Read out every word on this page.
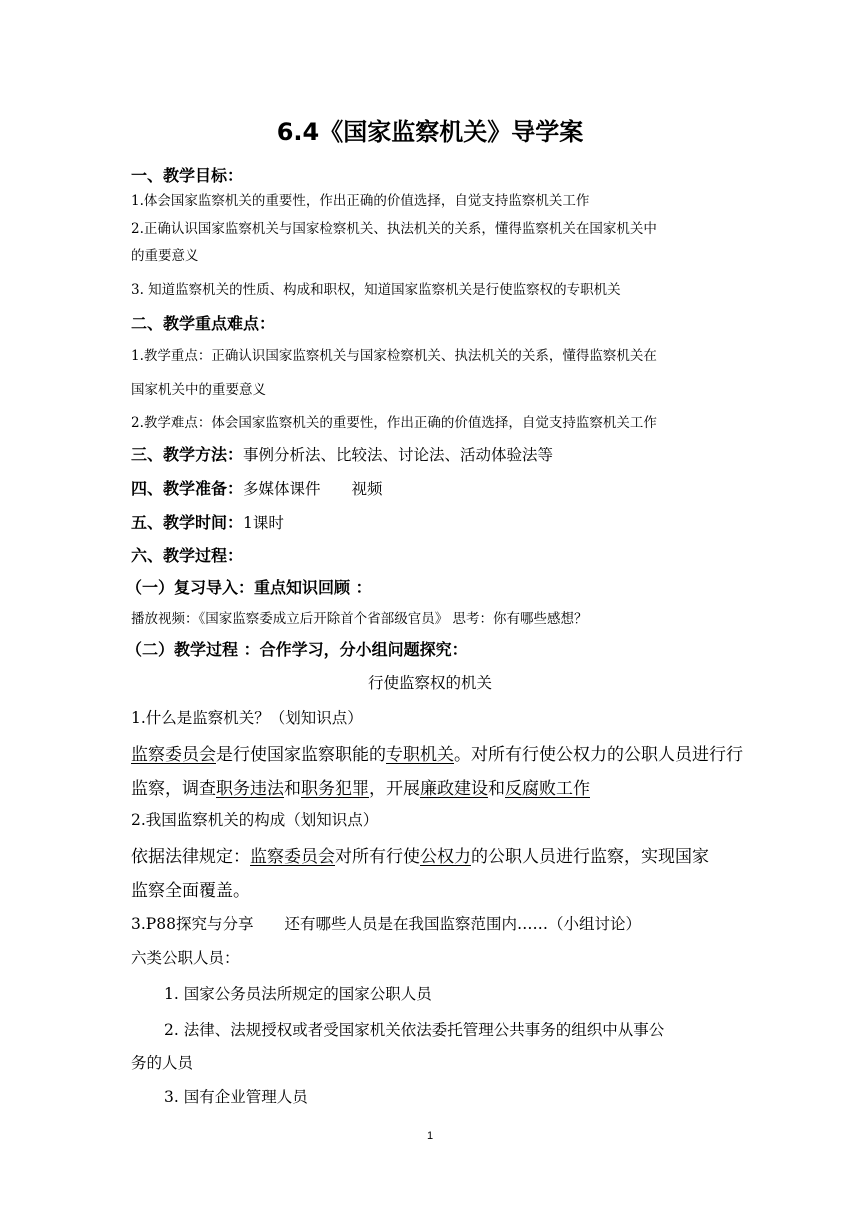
6.4《国家监察机关》导学案
一、教学目标：
1.体会国家监察机关的重要性，作出正确的价值选择，自觉支持监察机关工作
2.正确认识国家监察机关与国家检察机关、执法机关的关系，懂得监察机关在国家机关中
的重要意义
3. 知道监察机关的性质、构成和职权，知道国家监察机关是行使监察权的专职机关
二、教学重点难点：
1.教学重点：正确认识国家监察机关与国家检察机关、执法机关的关系，懂得监察机关在
国家机关中的重要意义
2.教学难点：体会国家监察机关的重要性，作出正确的价值选择，自觉支持监察机关工作
三、教学方法：事例分析法、比较法、讨论法、活动体验法等
四、教学准备：多媒体课件　　视频
五、教学时间：1课时
六、教学过程：
（一）复习导入：重点知识回顾 ：
播放视频：《国家监察委成立后开除首个省部级官员》 思考：你有哪些感想？
（二）教学过程 ：合作学习，分小组问题探究：
行使监察权的机关
1.什么是监察机关？（划知识点）
监察委员会是行使国家监察职能的专职机关。对所有行使公权力的公职人员进行行
监察，调查职务违法和职务犯罪，开展廉政建设和反腐败工作
2.我国监察机关的构成（划知识点）
依据法律规定：监察委员会对所有行使公权力的公职人员进行监察，实现国家
监察全面覆盖。
3.P88探究与分享　　还有哪些人员是在我国监察范围内……（小组讨论）
六类公职人员：
1. 国家公务员法所规定的国家公职人员
2. 法律、法规授权或者受国家机关依法委托管理公共事务的组织中从事公
务的人员
3. 国有企业管理人员
1
